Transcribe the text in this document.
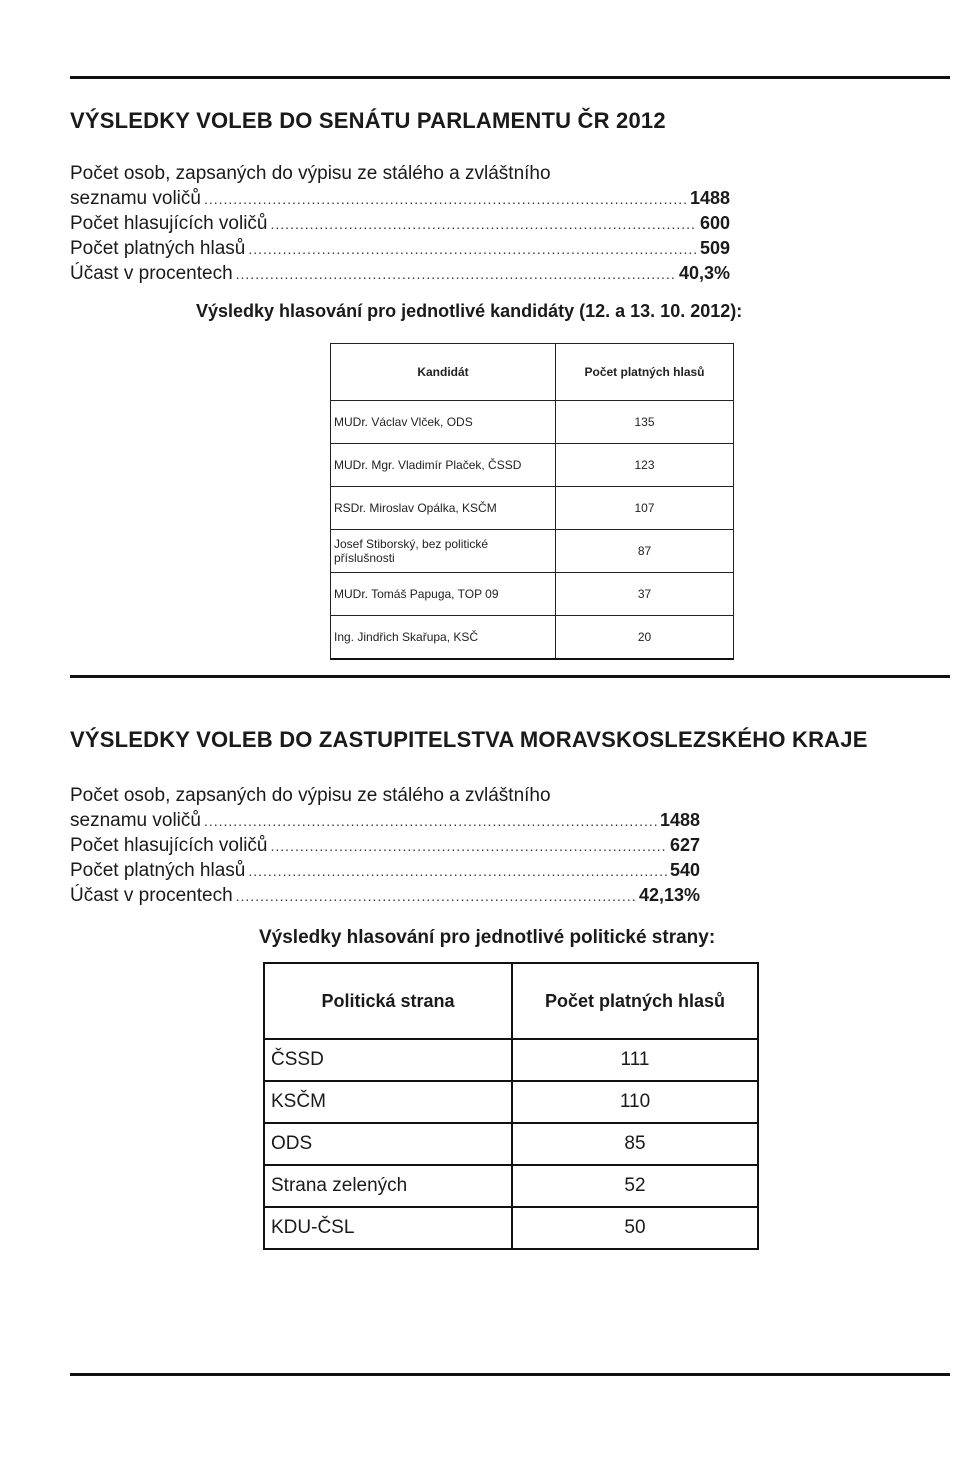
VÝSLEDKY VOLEB DO SENÁTU PARLAMENTU ČR 2012
Počet osob, zapsaných do výpisu ze stálého a zvláštního
seznamu voličů .....	1488
Počet hlasujících voličů .....	600
Počet platných hlasů .....	509
Účast v procentech .....	40,3%

Výsledky hlasování pro jednotlivé kandidáty (12. a 13. 10. 2012):

Kandidát	Počet platných hlasů
MUDr. Václav Vlček, ODS	135
MUDr. Mgr. Vladimír Plaček, ČSSD	123
RSDr. Miroslav Opálka, KSČM	107
Josef Stiborský, bez politické příslušnosti	87
MUDr. Tomáš Papuga, TOP 09	37
Ing. Jindřich Skařupa, KSČ	20
VÝSLEDKY VOLEB DO ZASTUPITELSTVA MORAVSKOSLEZSKÉHO KRAJE
Počet osob, zapsaných do výpisu ze stálého a zvláštního
seznamu voličů .....	1488
Počet hlasujících voličů .....	627
Počet platných hlasů .....	540
Účast v procentech .....	42,13%

Výsledky hlasování pro jednotlivé politické strany:

Politická strana	Počet platných hlasů
ČSSD	111
KSČM	110
ODS	85
Strana zelených	52
KDU-ČSL	50
